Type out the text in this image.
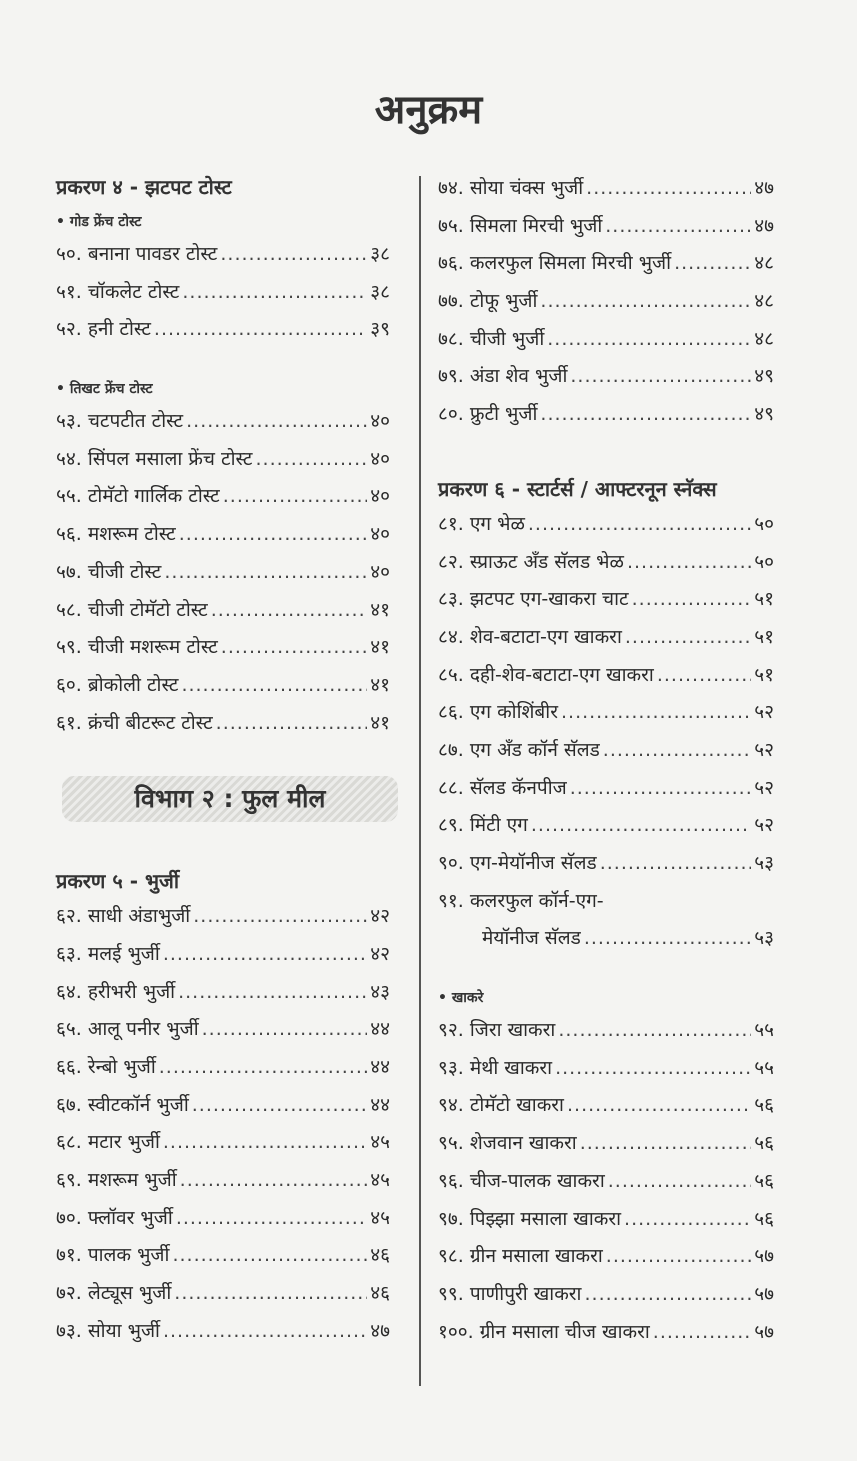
अनुक्रम
प्रकरण ४ - झटपट टोस्ट
• गोड फ्रेंच टोस्ट
५०. बनाना पावडर टोस्ट .....	३८
५१. चॉकलेट टोस्ट .....	३८
५२. हनी टोस्ट .....	३९
• तिखट फ्रेंच टोस्ट
५३. चटपटीत टोस्ट .....	४०
५४. सिंपल मसाला फ्रेंच टोस्ट .....	४०
५५. टोमॅटो गार्लिक टोस्ट .....	४०
५६. मशरूम टोस्ट .....	४०
५७. चीजी टोस्ट .....	४०
५८. चीजी टोमॅटो टोस्ट .....	४१
५९. चीजी मशरूम टोस्ट .....	४१
६०. ब्रोकोली टोस्ट .....	४१
६१. क्रंची बीटरूट टोस्ट .....	४१
विभाग २ : फुल मील
प्रकरण ५ - भुर्जी
६२. साधी अंडाभुर्जी .....	४२
६३. मलई भुर्जी .....	४२
६४. हरीभरी भुर्जी .....	४३
६५. आलू पनीर भुर्जी .....	४४
६६. रेन्बो भुर्जी .....	४४
६७. स्वीटकॉर्न भुर्जी .....	४४
६८. मटार भुर्जी .....	४५
६९. मशरूम भुर्जी .....	४५
७०. फ्लॉवर भुर्जी .....	४५
७१. पालक भुर्जी .....	४६
७२. लेट्यूस भुर्जी .....	४६
७३. सोया भुर्जी .....	४७
७४. सोया चंक्स भुर्जी .....	४७
७५. सिमला मिरची भुर्जी .....	४७
७६. कलरफुल सिमला मिरची भुर्जी .....	४८
७७. टोफू भुर्जी .....	४८
७८. चीजी भुर्जी .....	४८
७९. अंडा शेव भुर्जी .....	४९
८०. फ्रुटी भुर्जी .....	४९
प्रकरण ६ - स्टार्टर्स / आफ्टरनून स्नॅक्स
८१. एग भेळ .....	५०
८२. स्प्राऊट अँड सॅलड भेळ .....	५०
८३. झटपट एग-खाकरा चाट .....	५१
८४. शेव-बटाटा-एग खाकरा .....	५१
८५. दही-शेव-बटाटा-एग खाकरा .....	५१
८६. एग कोशिंबीर .....	५२
८७. एग अँड कॉर्न सॅलड .....	५२
८८. सॅलड कॅनपीज .....	५२
८९. मिंटी एग .....	५२
९०. एग-मेयॉनीज सॅलड .....	५३
९१. कलरफुल कॉर्न-एग-
मेयॉनीज सॅलड .....	५३
• खाकरे
९२. जिरा खाकरा .....	५५
९३. मेथी खाकरा .....	५५
९४. टोमॅटो खाकरा .....	५६
९५. शेजवान खाकरा .....	५६
९६. चीज-पालक खाकरा .....	५६
९७. पिझ्झा मसाला खाकरा .....	५६
९८. ग्रीन मसाला खाकरा .....	५७
९९. पाणीपुरी खाकरा .....	५७
१००. ग्रीन मसाला चीज खाकरा .....	५७
